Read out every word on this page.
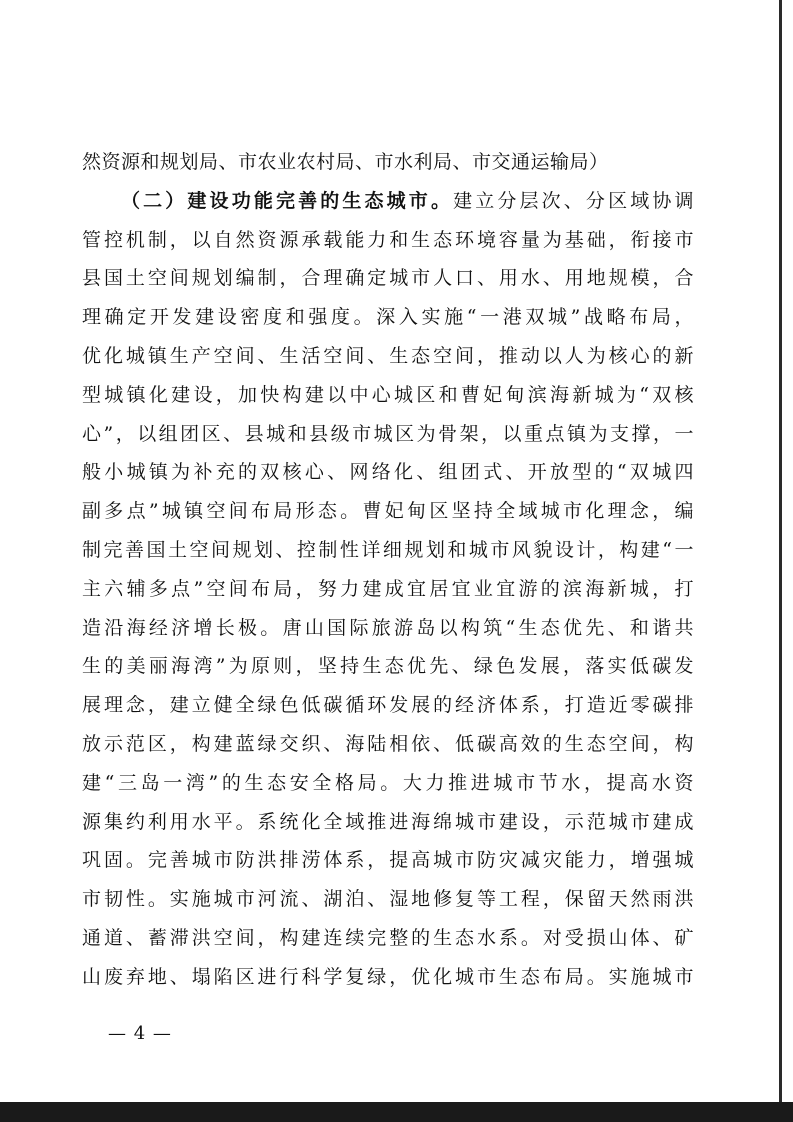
然资源和规划局、市农业农村局、市水利局、市交通运输局）
（二）建设功能完善的生态城市。建立分层次、分区域协调
管控机制，以自然资源承载能力和生态环境容量为基础，衔接市
县国土空间规划编制，合理确定城市人口、用水、用地规模，合
理确定开发建设密度和强度。深入实施“一港双城”战略布局，
优化城镇生产空间、生活空间、生态空间，推动以人为核心的新
型城镇化建设，加快构建以中心城区和曹妃甸滨海新城为“双核
心”，以组团区、县城和县级市城区为骨架，以重点镇为支撑，一
般小城镇为补充的双核心、网络化、组团式、开放型的“双城四
副多点”城镇空间布局形态。曹妃甸区坚持全域城市化理念，编
制完善国土空间规划、控制性详细规划和城市风貌设计，构建“一
主六辅多点”空间布局，努力建成宜居宜业宜游的滨海新城，打
造沿海经济增长极。唐山国际旅游岛以构筑“生态优先、和谐共
生的美丽海湾”为原则，坚持生态优先、绿色发展，落实低碳发
展理念，建立健全绿色低碳循环发展的经济体系，打造近零碳排
放示范区，构建蓝绿交织、海陆相依、低碳高效的生态空间，构
建“三岛一湾”的生态安全格局。大力推进城市节水，提高水资
源集约利用水平。系统化全域推进海绵城市建设，示范城市建成
巩固。完善城市防洪排涝体系，提高城市防灾减灾能力，增强城
市韧性。实施城市河流、湖泊、湿地修复等工程，保留天然雨洪
通道、蓄滞洪空间，构建连续完整的生态水系。对受损山体、矿
山废弃地、塌陷区进行科学复绿，优化城市生态布局。实施城市
— 4 —
